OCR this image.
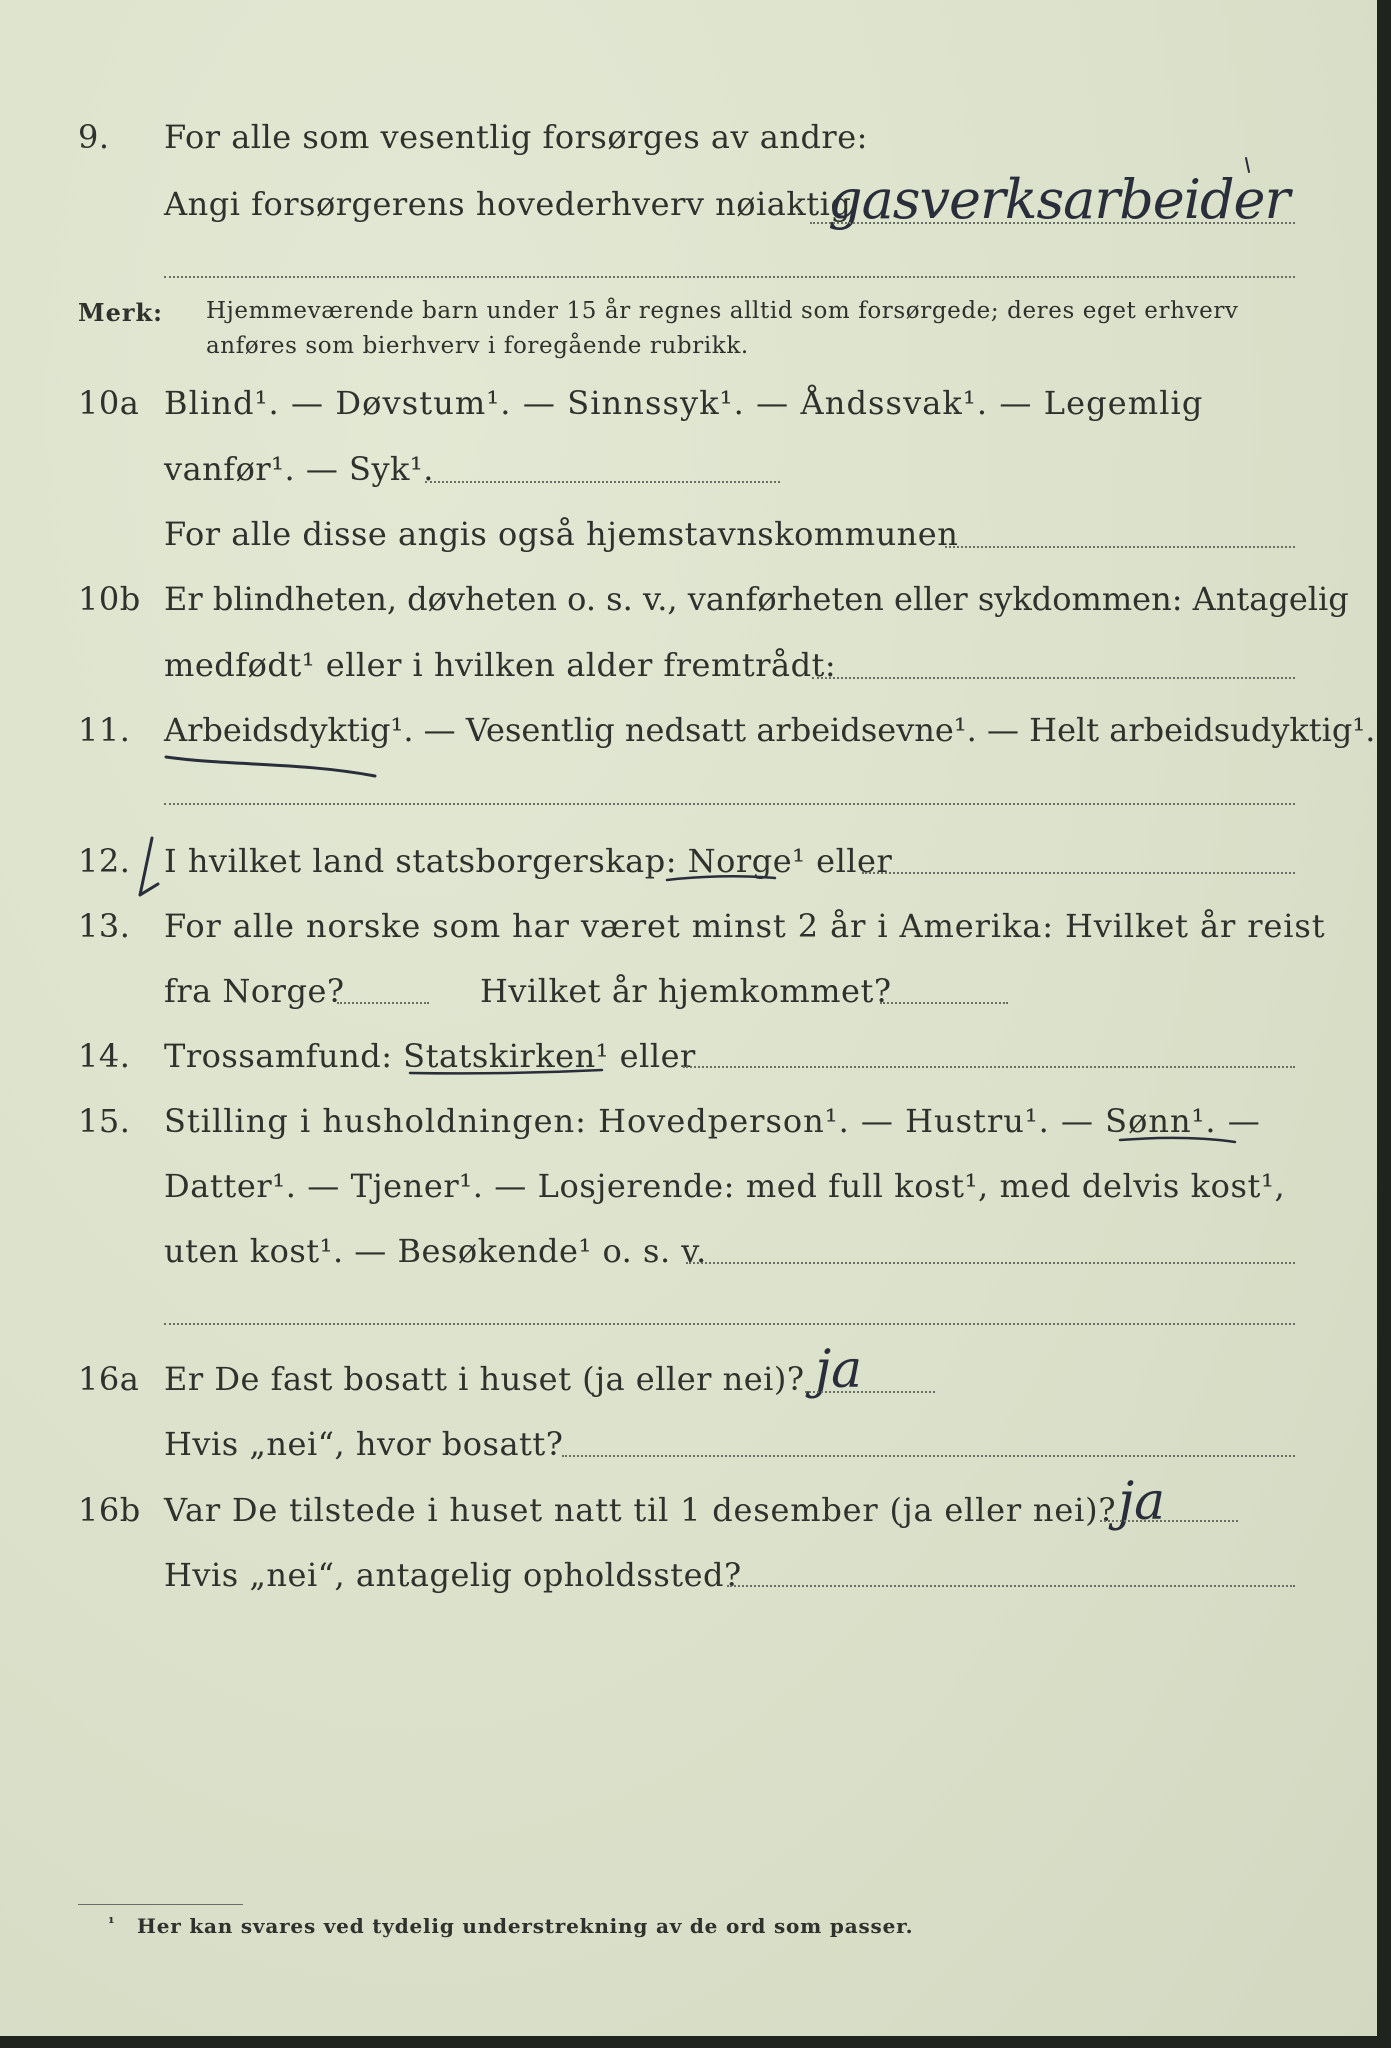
9. For alle som vesentlig forsørges av andre:
Angi forsørgerens hovederhverv nøiaktig
gasverksarbeider
Merk: Hjemmeværende barn under 15 år regnes alltid som forsørgede; deres eget erhverv
anføres som bierhverv i foregående rubrikk.
10a Blind¹. — Døvstum¹. — Sinnssyk¹. — Åndssvak¹. — Legemlig
vanfør¹. — Syk¹.
For alle disse angis også hjemstavnskommunen
10b Er blindheten, døvheten o. s. v., vanførheten eller sykdommen: Antagelig
medfødt¹ eller i hvilken alder fremtrådt:
11. Arbeidsdyktig¹. — Vesentlig nedsatt arbeidsevne¹. — Helt arbeidsudyktig¹.
12. I hvilket land statsborgerskap: Norge¹ eller
13. For alle norske som har været minst 2 år i Amerika: Hvilket år reist
fra Norge?	Hvilket år hjemkommet?
14. Trossamfund: Statskirken¹ eller
15. Stilling i husholdningen: Hovedperson¹. — Hustru¹. — Sønn¹. —
Datter¹. — Tjener¹. — Losjerende: med full kost¹, med delvis kost¹,
uten kost¹. — Besøkende¹ o. s. v.
16a Er De fast bosatt i huset (ja eller nei)? ja
Hvis „nei“, hvor bosatt?
16b Var De tilstede i huset natt til 1 desember (ja eller nei)? ja
Hvis „nei“, antagelig opholdssted?
¹ Her kan svares ved tydelig understrekning av de ord som passer.
